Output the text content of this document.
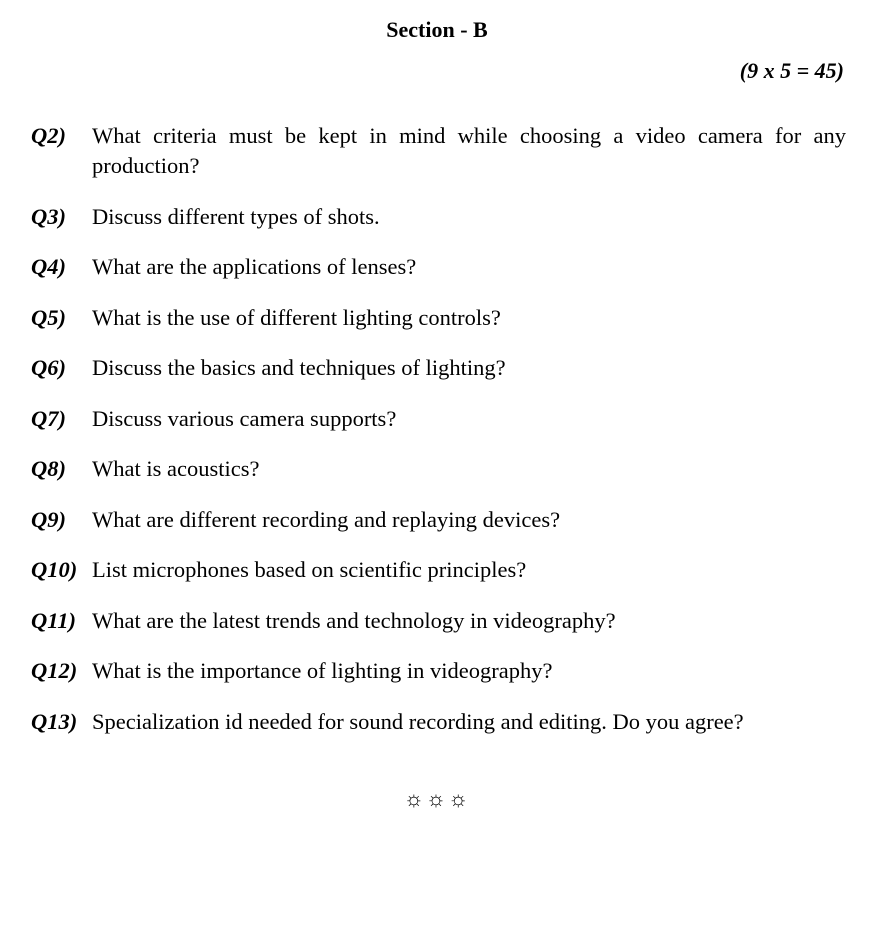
Section - B
(9 x 5 = 45)
Q2)	What criteria must be kept in mind while choosing a video camera for any production?
Q3)	Discuss different types of shots.
Q4)	What are the applications of lenses?
Q5)	What is the use of different lighting controls?
Q6)	Discuss the basics and techniques of lighting?
Q7)	Discuss various camera supports?
Q8)	What is acoustics?
Q9)	What are different recording and replaying devices?
Q10) List microphones based on scientific principles?
Q11) What are the latest trends and technology in videography?
Q12) What is the importance of lighting in videography?
Q13) Specialization id needed for sound recording and editing. Do you agree?
☼☼☼
